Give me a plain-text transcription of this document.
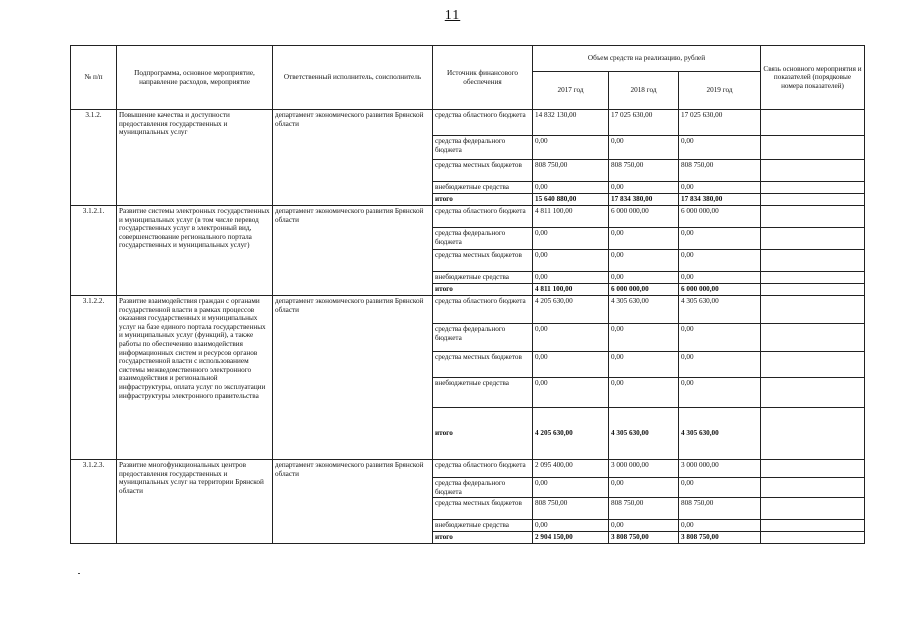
11
№ п/п	Подпрограмма, основное мероприятие, направление расходов, мероприятие	Ответственный исполнитель, соисполнитель	Источник финансового обеспечения	Объем средств на реализацию, рублей			Связь основного мероприятия и показателей (порядковые номера показателей)
				2017 год	2018 год	2019 год	
3.1.2.	Повышение качества и доступности предоставления государственных и муниципальных услуг	департамент экономического развития Брянской области	средства областного бюджета	14 832 130,00	17 025 630,00	17 025 630,00	
			средства федерального бюджета	0,00	0,00	0,00	
			средства местных бюджетов	808 750,00	808 750,00	808 750,00	
			внебюджетные средства	0,00	0,00	0,00	
			итого	15 640 880,00	17 834 380,00	17 834 380,00	
3.1.2.1.	Развитие системы электронных государственных и муниципальных услуг (в том числе перевод государственных услуг в электронный вид, совершенствование регионального портала государственных и муниципальных услуг)	департамент экономического развития Брянской области	средства областного бюджета	4 811 100,00	6 000 000,00	6 000 000,00	
			средства федерального бюджета	0,00	0,00	0,00	
			средства местных бюджетов	0,00	0,00	0,00	
			внебюджетные средства	0,00	0,00	0,00	
			итого	4 811 100,00	6 000 000,00	6 000 000,00	
3.1.2.2.	Развитие взаимодействия граждан с органами государственной власти в рамках процессов оказания государственных и муниципальных услуг на базе единого портала государственных и муниципальных услуг (функций), а также работы по обеспечению взаимодействия информационных систем и ресурсов органов государственной власти с использованием системы межведомственного электронного взаимодействия и региональной инфраструктуры, оплата услуг по эксплуатации инфраструктуры электронного правительства	департамент экономического развития Брянской области	средства областного бюджета	4 205 630,00	4 305 630,00	4 305 630,00	
			средства федерального бюджета	0,00	0,00	0,00	
			средства местных бюджетов	0,00	0,00	0,00	
			внебюджетные средства	0,00	0,00	0,00	
			итого	4 205 630,00	4 305 630,00	4 305 630,00	
3.1.2.3.	Развитие многофункциональных центров предоставления государственных и муниципальных услуг на территории Брянской области	департамент экономического развития Брянской области	средства областного бюджета	2 095 400,00	3 000 000,00	3 000 000,00	
			средства федерального бюджета	0,00	0,00	0,00	
			средства местных бюджетов	808 750,00	808 750,00	808 750,00	
			внебюджетные средства	0,00	0,00	0,00	
			итого	2 904 150,00	3 808 750,00	3 808 750,00	
